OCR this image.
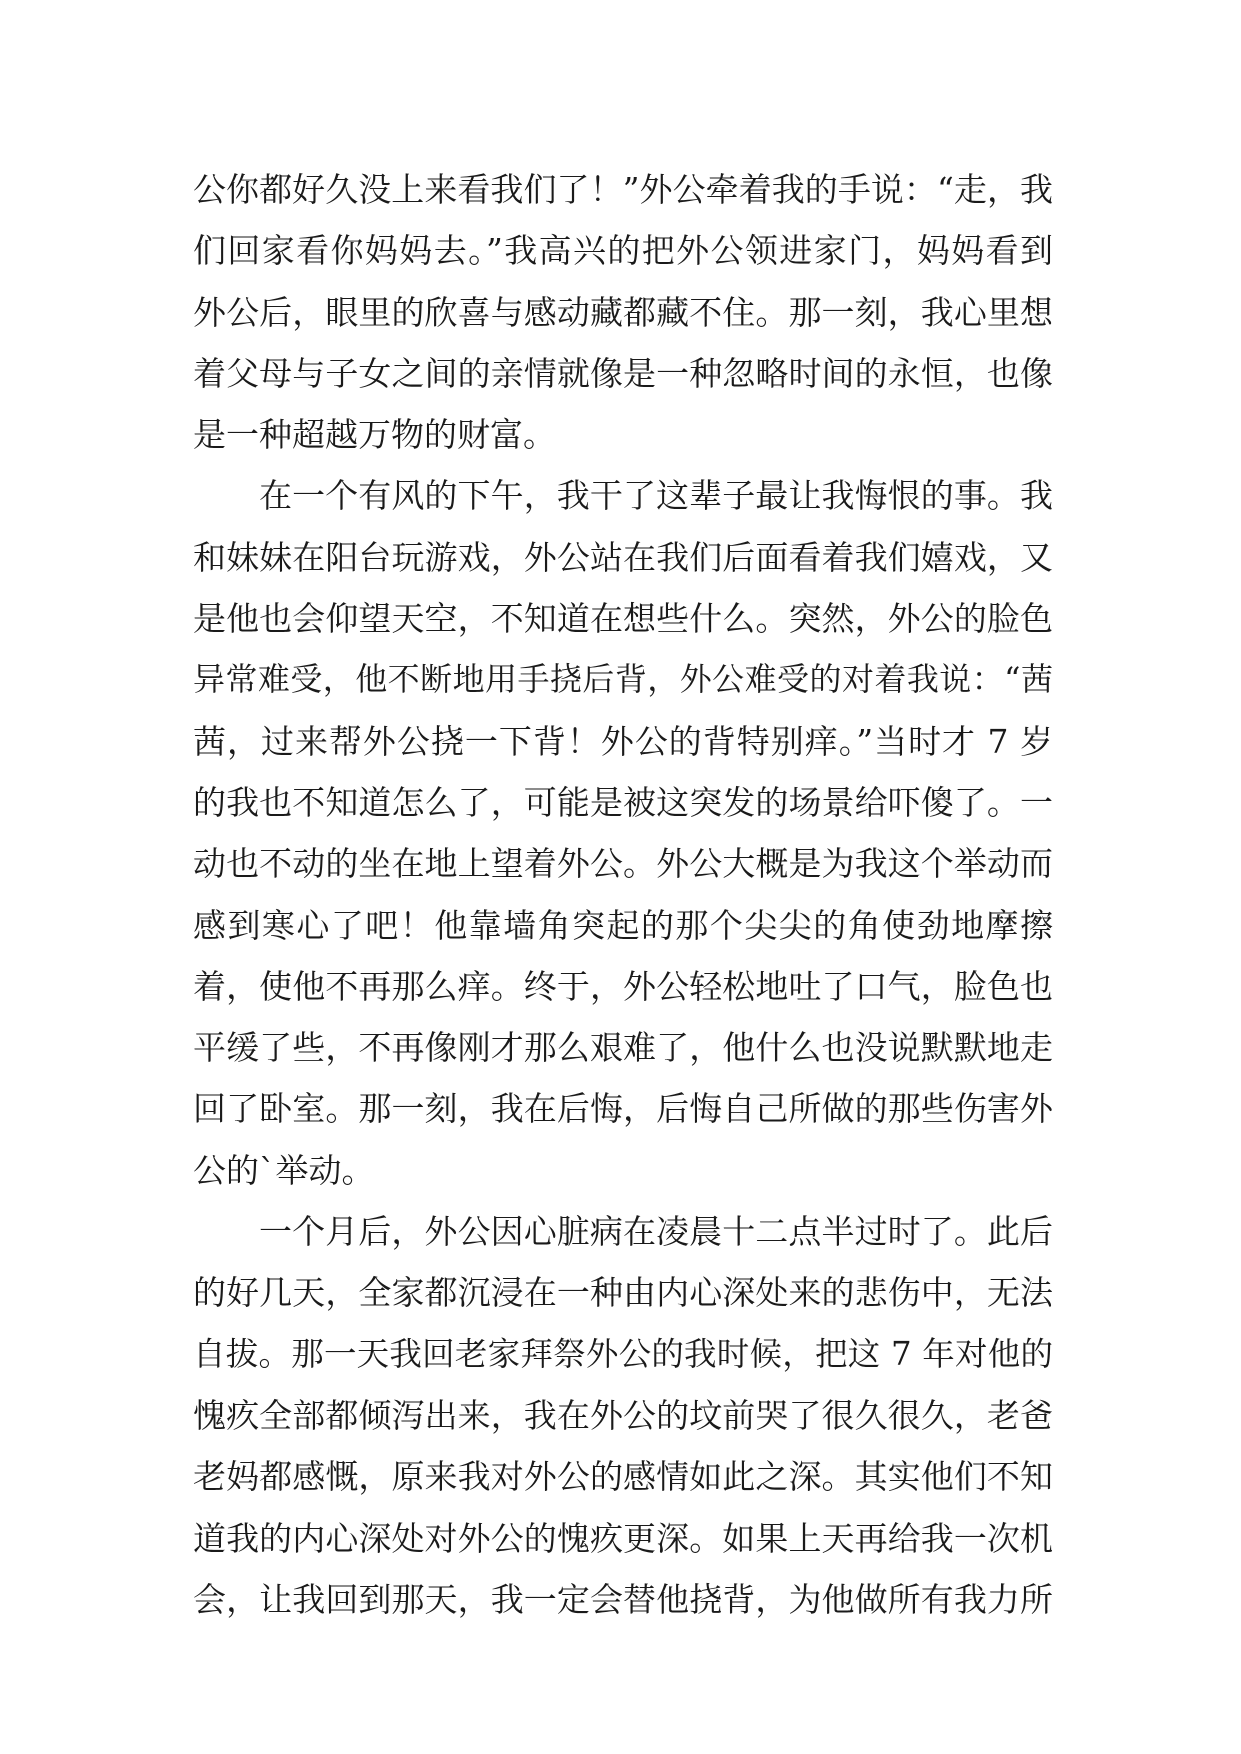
公你都好久没上来看我们了！”外公牵着我的手说：“走，我
们回家看你妈妈去。”我高兴的把外公领进家门，妈妈看到
外公后，眼里的欣喜与感动藏都藏不住。那一刻，我心里想
着父母与子女之间的亲情就像是一种忽略时间的永恒，也像
是一种超越万物的财富。
在一个有风的下午，我干了这辈子最让我悔恨的事。我
和妹妹在阳台玩游戏，外公站在我们后面看着我们嬉戏，又
是他也会仰望天空，不知道在想些什么。突然，外公的脸色
异常难受，他不断地用手挠后背，外公难受的对着我说：“茜
茜，过来帮外公挠一下背！外公的背特别痒。”当时才 7 岁
的我也不知道怎么了，可能是被这突发的场景给吓傻了。一
动也不动的坐在地上望着外公。外公大概是为我这个举动而
感到寒心了吧！他靠墙角突起的那个尖尖的角使劲地摩擦
着，使他不再那么痒。终于，外公轻松地吐了口气，脸色也
平缓了些，不再像刚才那么艰难了，他什么也没说默默地走
回了卧室。那一刻，我在后悔，后悔自己所做的那些伤害外
公的`举动。
一个月后，外公因心脏病在凌晨十二点半过时了。此后
的好几天，全家都沉浸在一种由内心深处来的悲伤中，无法
自拔。那一天我回老家拜祭外公的我时候，把这 7 年对他的
愧疚全部都倾泻出来，我在外公的坟前哭了很久很久，老爸
老妈都感慨，原来我对外公的感情如此之深。其实他们不知
道我的内心深处对外公的愧疚更深。如果上天再给我一次机
会，让我回到那天，我一定会替他挠背，为他做所有我力所
